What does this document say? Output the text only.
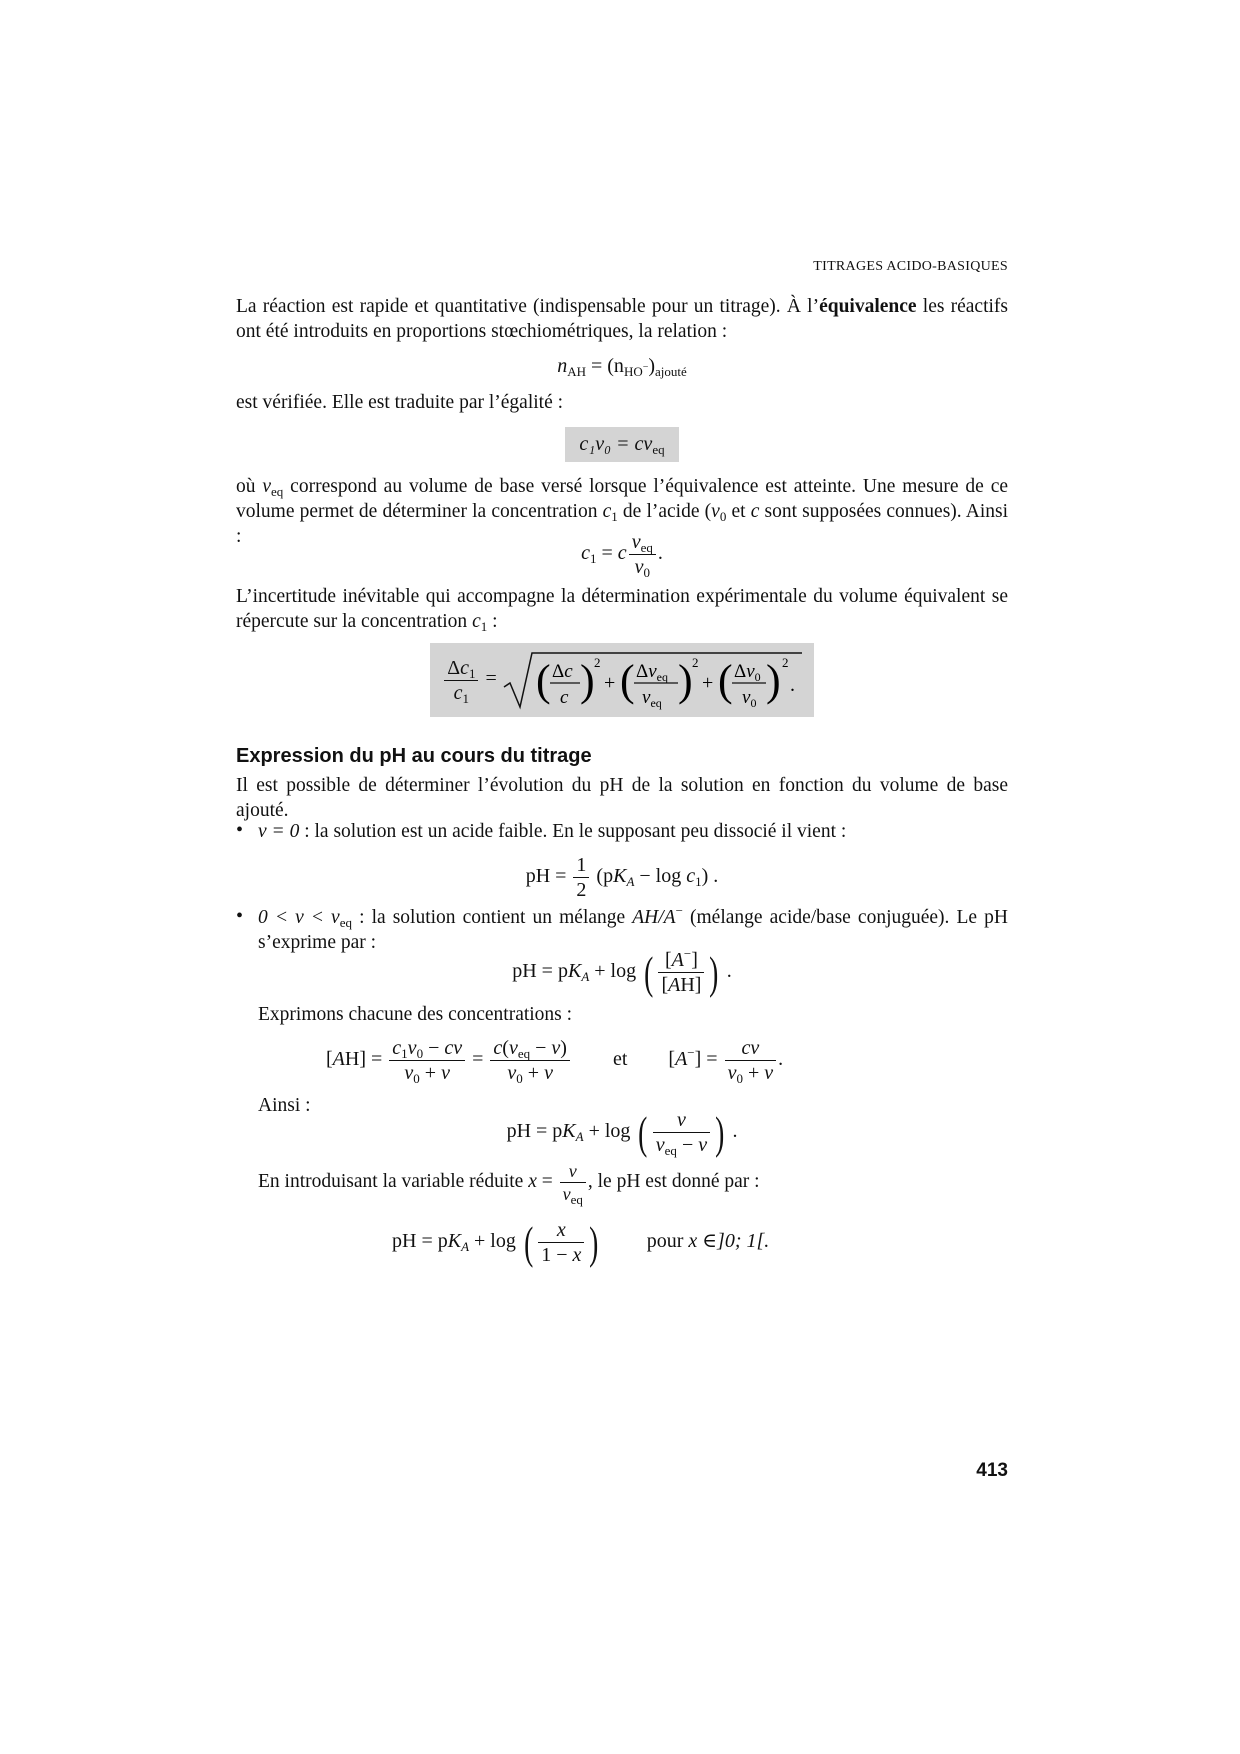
TITRAGES ACIDO-BASIQUES
La réaction est rapide et quantitative (indispensable pour un titrage). À l’équivalence les réactifs ont été introduits en proportions stœchiométriques, la relation :
$n_{AH} = (n_{HO^-})_{ajouté}$
est vérifiée. Elle est traduite par l’égalité :
$c_1v_0 = cv_{eq}$
où $v_{eq}$ correspond au volume de base versé lorsque l’équivalence est atteinte. Une mesure de ce volume permet de déterminer la concentration $c_1$ de l’acide ($v_0$ et c sont supposées connues). Ainsi :
$c_1 = c \frac{v_{eq}}{v_0}$ .
L’incertitude inévitable qui accompagne la détermination expérimentale du volume équivalent se répercute sur la concentration $c_1$ :
$\frac{\Delta c_1}{c_1}$ = ( Δc
c ) 2
+ ( $\Delta v_{eq}$
$v_{eq}$ ) 2
+ ( $\Delta v_0$
$v_0$ ) 2
.
Expression du pH au cours du titrage
Il est possible de déterminer l’évolution du pH de la solution en fonction du volume de base ajouté.
• v = 0 : la solution est un acide faible. En le supposant peu dissocié il vient :
pH = $\frac{1}{2} (pK_A - \log c_1)$ .
• $0 < v < v_{eq}$ : la solution contient un mélange AH/A− (mélange acide/base conjuguée). Le pH s’exprime par :
pH = $pK_A + \log$ ( $\frac{[A^-]}{[AH]}$ ) .
Exprimons chacune des concentrations :
$[AH] = \frac{c_1v_0 - cv}{v_0 + v} = \frac{c(v_{eq} - v)}{v_0 + v}$ et $[A^-] = \frac{cv}{v_0 + v}$ .
Ainsi :
pH = $pK_A + \log$ ( $\frac{v}{v_{eq} - v}$ ) .
En introduisant la variable réduite $x = \frac{v}{v_{eq}}$ , le pH est donné par :
pH = $pK_A + \log$ ( $\frac{x}{1 - x}$ ) pour x ∈]0; 1[.
413
